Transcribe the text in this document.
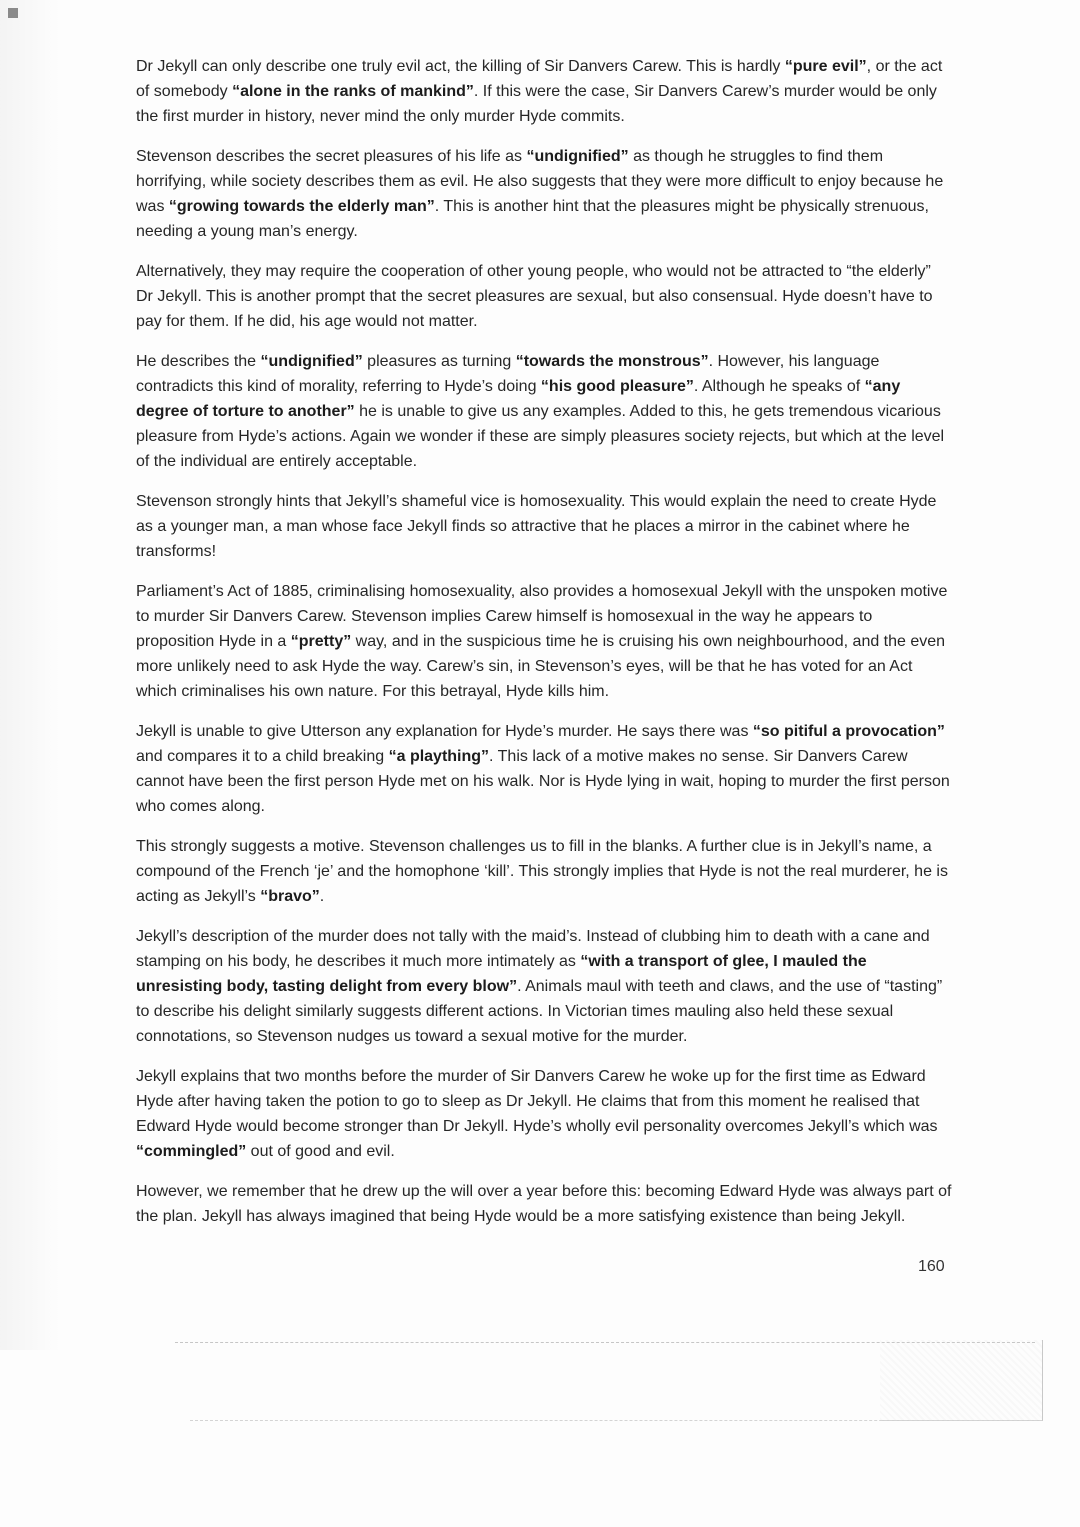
Dr Jekyll can only describe one truly evil act, the killing of Sir Danvers Carew. This is hardly “pure evil”, or the act of somebody “alone in the ranks of mankind”. If this were the case, Sir Danvers Carew’s murder would be only the first murder in history, never mind the only murder Hyde commits.

Stevenson describes the secret pleasures of his life as “undignified” as though he struggles to find them horrifying, while society describes them as evil. He also suggests that they were more difficult to enjoy because he was “growing towards the elderly man”. This is another hint that the pleasures might be physically strenuous, needing a young man’s energy.

Alternatively, they may require the cooperation of other young people, who would not be attracted to “the elderly” Dr Jekyll. This is another prompt that the secret pleasures are sexual, but also consensual. Hyde doesn’t have to pay for them. If he did, his age would not matter.

He describes the “undignified” pleasures as turning “towards the monstrous”. However, his language contradicts this kind of morality, referring to Hyde’s doing “his good pleasure”. Although he speaks of “any degree of torture to another” he is unable to give us any examples. Added to this, he gets tremendous vicarious pleasure from Hyde’s actions. Again we wonder if these are simply pleasures society rejects, but which at the level of the individual are entirely acceptable.

Stevenson strongly hints that Jekyll’s shameful vice is homosexuality. This would explain the need to create Hyde as a younger man, a man whose face Jekyll finds so attractive that he places a mirror in the cabinet where he transforms!

Parliament’s Act of 1885, criminalising homosexuality, also provides a homosexual Jekyll with the unspoken motive to murder Sir Danvers Carew. Stevenson implies Carew himself is homosexual in the way he appears to proposition Hyde in a “pretty” way, and in the suspicious time he is cruising his own neighbourhood, and the even more unlikely need to ask Hyde the way. Carew’s sin, in Stevenson’s eyes, will be that he has voted for an Act which criminalises his own nature. For this betrayal, Hyde kills him.

Jekyll is unable to give Utterson any explanation for Hyde’s murder. He says there was “so pitiful a provocation” and compares it to a child breaking “a plaything”. This lack of a motive makes no sense. Sir Danvers Carew cannot have been the first person Hyde met on his walk. Nor is Hyde lying in wait, hoping to murder the first person who comes along.

This strongly suggests a motive. Stevenson challenges us to fill in the blanks. A further clue is in Jekyll’s name, a compound of the French ‘je’ and the homophone ‘kill’. This strongly implies that Hyde is not the real murderer, he is acting as Jekyll’s “bravo”.

Jekyll’s description of the murder does not tally with the maid’s. Instead of clubbing him to death with a cane and stamping on his body, he describes it much more intimately as “with a transport of glee, I mauled the unresisting body, tasting delight from every blow”. Animals maul with teeth and claws, and the use of “tasting” to describe his delight similarly suggests different actions. In Victorian times mauling also held these sexual connotations, so Stevenson nudges us toward a sexual motive for the murder.

Jekyll explains that two months before the murder of Sir Danvers Carew he woke up for the first time as Edward Hyde after having taken the potion to go to sleep as Dr Jekyll. He claims that from this moment he realised that Edward Hyde would become stronger than Dr Jekyll. Hyde’s wholly evil personality overcomes Jekyll’s which was “commingled” out of good and evil.

However, we remember that he drew up the will over a year before this: becoming Edward Hyde was always part of the plan. Jekyll has always imagined that being Hyde would be a more satisfying existence than being Jekyll.

160
